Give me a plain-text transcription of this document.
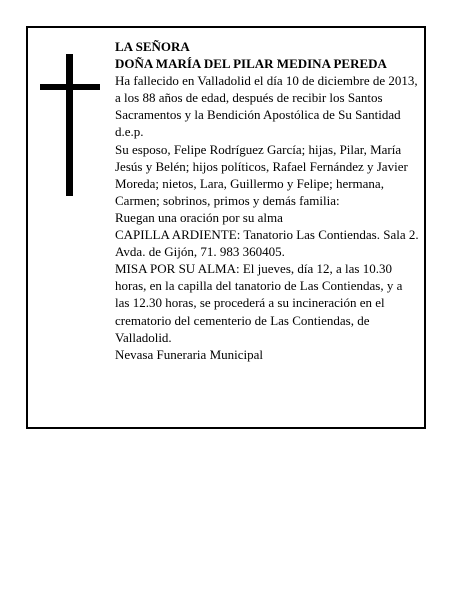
LA SEÑORA

DOÑA MARÍA DEL PILAR MEDINA PEREDA

Ha fallecido en Valladolid el día 10 de diciembre de 2013, a los 88 años de edad, después de recibir los Santos Sacramentos y la Bendición Apostólica de Su Santidad

d.e.p.

Su esposo, Felipe Rodríguez García; hijas, Pilar, María Jesús y Belén; hijos políticos, Rafael Fernández y Javier Moreda; nietos, Lara, Guillermo y Felipe; hermana, Carmen; sobrinos, primos y demás familia:

Ruegan una oración por su alma

CAPILLA ARDIENTE: Tanatorio Las Contiendas. Sala 2. Avda. de Gijón, 71. 983 360405.

MISA POR SU ALMA: El jueves, día 12, a las 10.30 horas, en la capilla del tanatorio de Las Contiendas, y a las 12.30 horas, se procederá a su incineración en el crematorio del cementerio de Las Contiendas, de Valladolid.

Nevasa Funeraria Municipal
